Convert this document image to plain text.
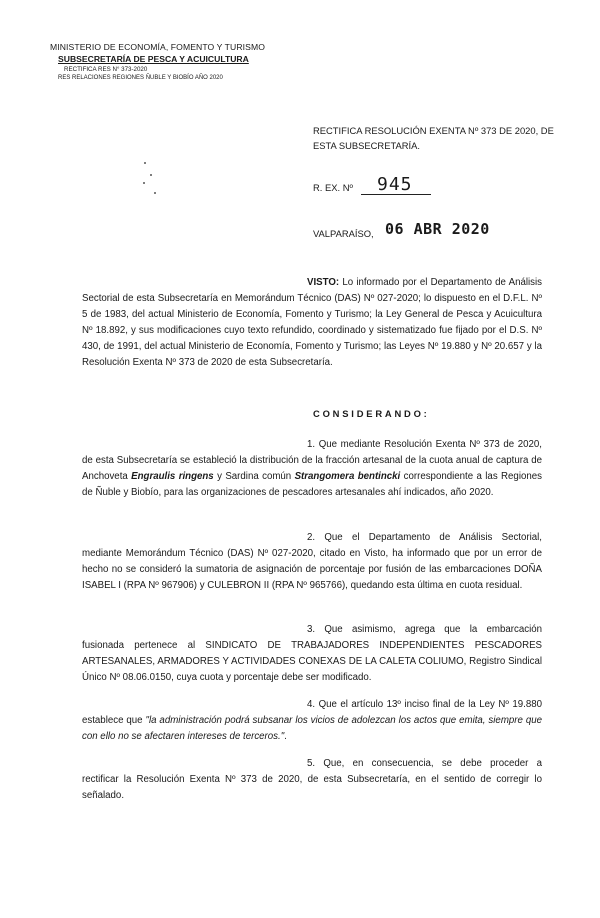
MINISTERIO DE ECONOMÍA, FOMENTO Y TURISMO
SUBSECRETARÍA DE PESCA Y ACUICULTURA
RECTIFICA RES N° 373-2020
RES RELACIONES REGIONES ÑUBLE Y BIOBÍO AÑO 2020
RECTIFICA RESOLUCIÓN EXENTA Nº 373 DE 2020, DE ESTA SUBSECRETARÍA.
R. EX. Nº 945
VALPARAÍSO, 06 ABR 2020
VISTO: Lo informado por el Departamento de Análisis Sectorial de esta Subsecretaría en Memorándum Técnico (DAS) Nº 027-2020; lo dispuesto en el D.F.L. Nº 5 de 1983, del actual Ministerio de Economía, Fomento y Turismo; la Ley General de Pesca y Acuicultura Nº 18.892, y sus modificaciones cuyo texto refundido, coordinado y sistematizado fue fijado por el D.S. Nº 430, de 1991, del actual Ministerio de Economía, Fomento y Turismo; las Leyes Nº 19.880 y Nº 20.657 y la Resolución Exenta Nº 373 de 2020 de esta Subsecretaría.
CONSIDERANDO:
1. Que mediante Resolución Exenta Nº 373 de 2020, de esta Subsecretaría se estableció la distribución de la fracción artesanal de la cuota anual de captura de Anchoveta Engraulis ringens y Sardina común Strangomera bentincki correspondiente a las Regiones de Ñuble y Biobío, para las organizaciones de pescadores artesanales ahí indicados, año 2020.
2. Que el Departamento de Análisis Sectorial, mediante Memorándum Técnico (DAS) Nº 027-2020, citado en Visto, ha informado que por un error de hecho no se consideró la sumatoria de asignación de porcentaje por fusión de las embarcaciones DOÑA ISABEL I (RPA Nº 967906) y CULEBRON II (RPA Nº 965766), quedando esta última en cuota residual.
3. Que asimismo, agrega que la embarcación fusionada pertenece al SINDICATO DE TRABAJADORES INDEPENDIENTES PESCADORES ARTESANALES, ARMADORES Y ACTIVIDADES CONEXAS DE LA CALETA COLIUMO, Registro Sindical Único Nº 08.06.0150, cuya cuota y porcentaje debe ser modificado.
4. Que el artículo 13º inciso final de la Ley Nº 19.880 establece que "la administración podrá subsanar los vicios de adolezcan los actos que emita, siempre que con ello no se afectaren intereses de terceros.".
5. Que, en consecuencia, se debe proceder a rectificar la Resolución Exenta Nº 373 de 2020, de esta Subsecretaría, en el sentido de corregir lo señalado.
